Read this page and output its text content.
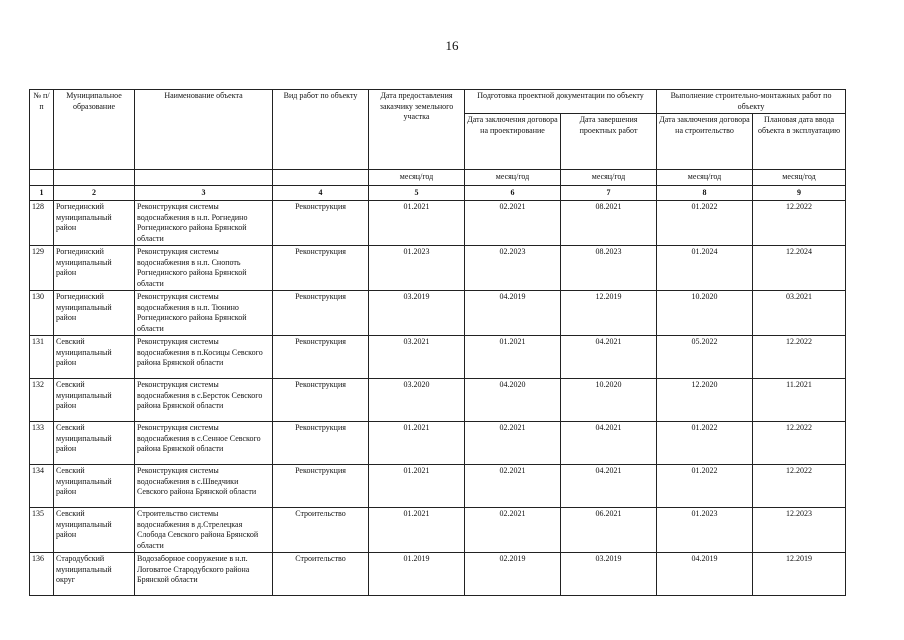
16
№ п/п	Муниципальное образование	Наименование объекта	Вид работ по объекту	Дата предоставления заказчику земельного участка	Подготовка проектной документации по объекту		Выполнение строительно-монтажных работ по объекту	
					Дата заключения договора на проектирование	Дата завершения проектных работ	Дата заключения договора на строительство	Плановая дата ввода объекта в эксплуатацию
				месяц/год	месяц/год	месяц/год	месяц/год	месяц/год
1	2	3	4	5	6	7	8	9
128	Рогнединский муниципальный район	Реконструкция системы водоснабжения в н.п. Рогнедино Рогнединского района Брянской области	Реконструкция	01.2021	02.2021	08.2021	01.2022	12.2022
129	Рогнединский муниципальный район	Реконструкция системы водоснабжения в н.п. Снопоть Рогнединского района Брянской области	Реконструкция	01.2023	02.2023	08.2023	01.2024	12.2024
130	Рогнединский муниципальный район	Реконструкция системы водоснабжения в н.п. Тюнино Рогнединского района Брянской области	Реконструкция	03.2019	04.2019	12.2019	10.2020	03.2021
131	Севский муниципальный район	Реконструкция системы водоснабжения в п.Косицы Севского района Брянской области	Реконструкция	03.2021	01.2021	04.2021	05.2022	12.2022
132	Севский муниципальный район	Реконструкция системы водоснабжения в с.Берсток Севского района Брянской области	Реконструкция	03.2020	04.2020	10.2020	12.2020	11.2021
133	Севский муниципальный район	Реконструкция системы водоснабжения в с.Сенное Севского района Брянской области	Реконструкция	01.2021	02.2021	04.2021	01.2022	12.2022
134	Севский муниципальный район	Реконструкция системы водоснабжения в с.Шведчики Севского района Брянской области	Реконструкция	01.2021	02.2021	04.2021	01.2022	12.2022
135	Севский муниципальный район	Строительство системы водоснабжения в д.Стрелецкая Слобода Севского района Брянской области	Строительство	01.2021	02.2021	06.2021	01.2023	12.2023
136	Стародубский муниципальный округ	Водозаборное сооружение в н.п. Логоватое Стародубского района Брянской области	Строительство	01.2019	02.2019	03.2019	04.2019	12.2019
